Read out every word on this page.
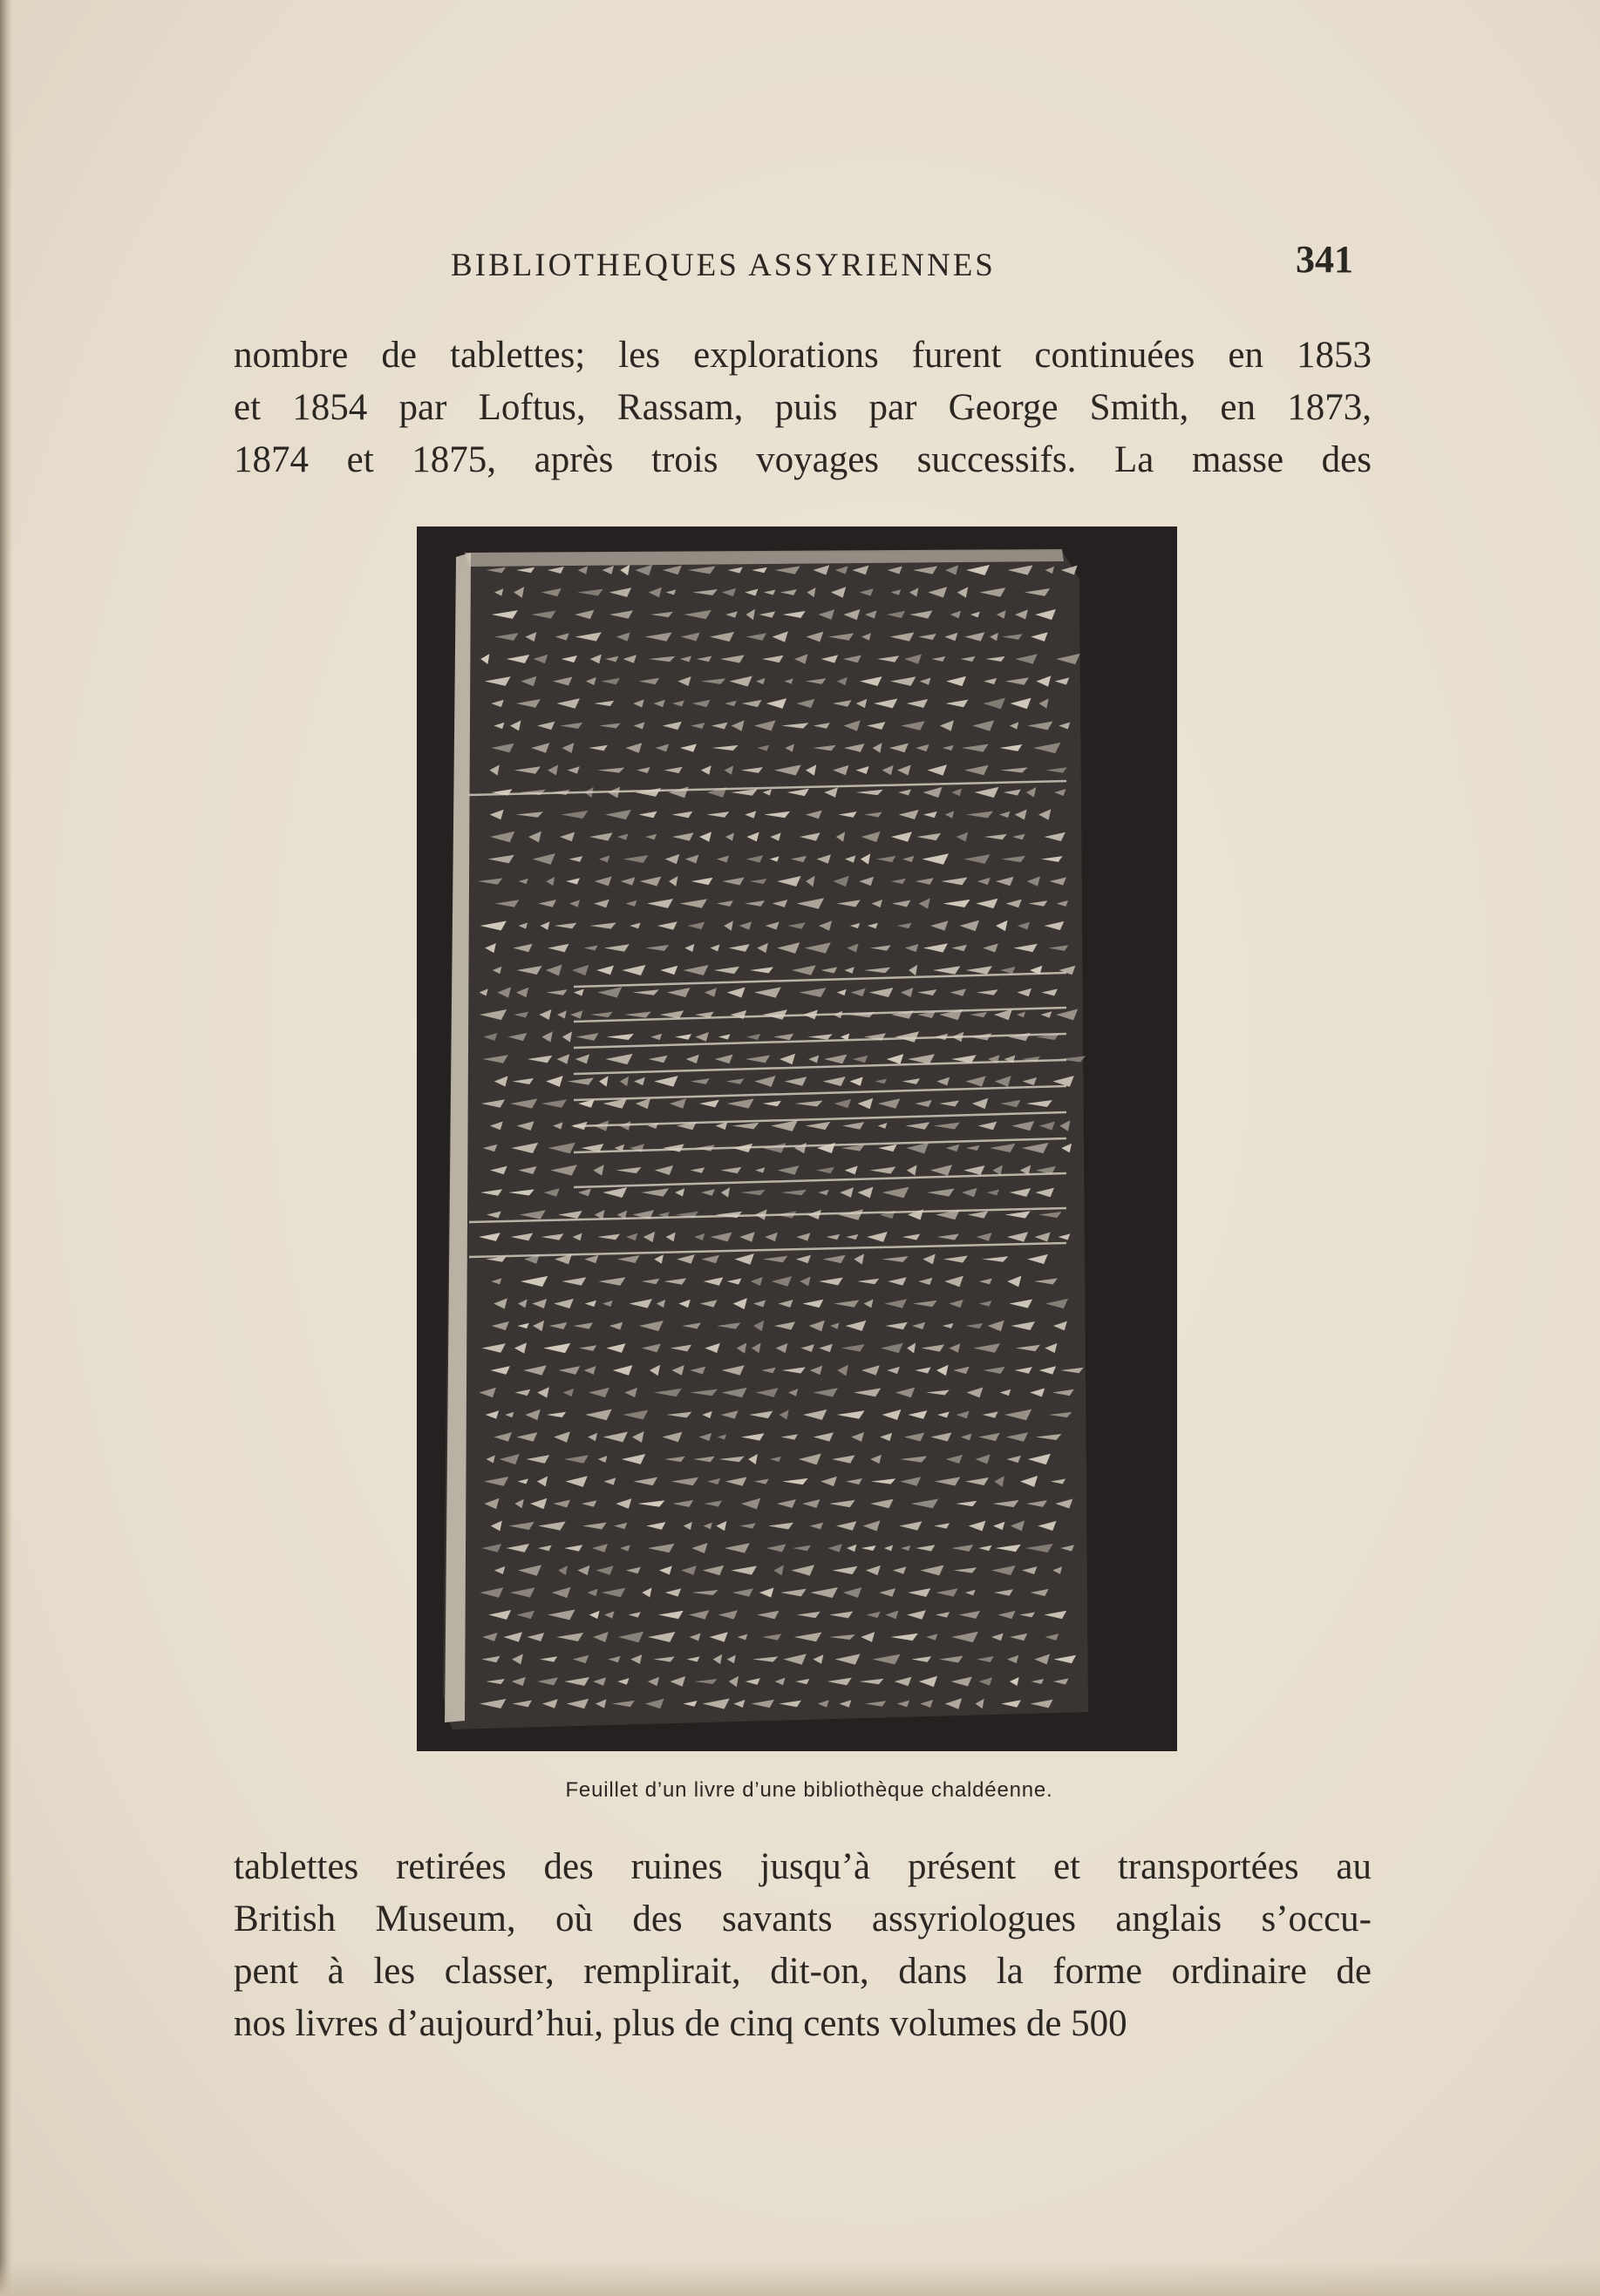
BIBLIOTHEQUES ASSYRIENNES	341

nombre de tablettes; les explorations furent continuées en 1853
et 1854 par Loftus, Rassam, puis par George Smith, en 1873,
1874 et 1875, après trois voyages successifs. La masse des

Feuillet d’un livre d’une bibliothèque chaldéenne.

tablettes retirées des ruines jusqu’à présent et transportées au
British Museum, où des savants assyriologues anglais s’occu-
pent à les classer, remplirait, dit-on, dans la forme ordinaire de
nos livres d’aujourd’hui, plus de cinq cents volumes de 500
